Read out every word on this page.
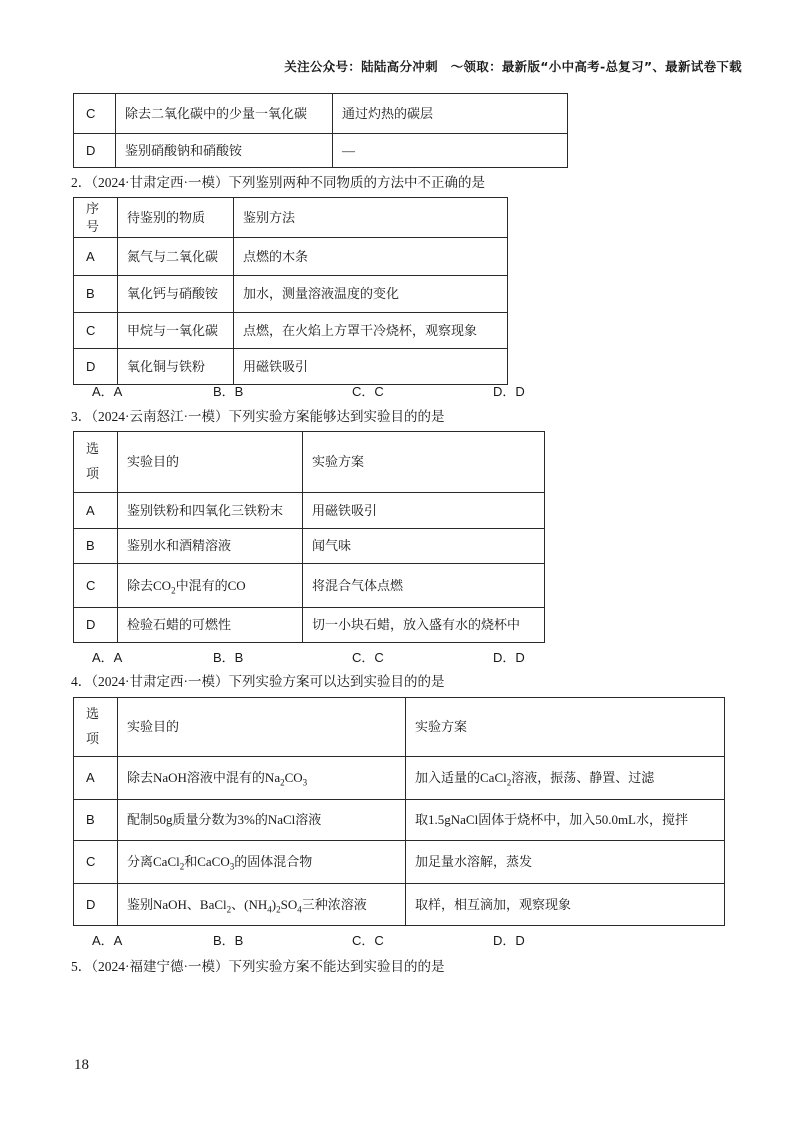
关注公众号：陆陆高分冲刺　～领取：最新版“小中高考-总复习”、最新试卷下载
C	除去二氧化碳中的少量一氧化碳	通过灼热的碳层
D	鉴别硝酸钠和硝酸铵	—
2．（2024·甘肃定西·一模）下列鉴别两种不同物质的方法中不正确的是
序号	待鉴别的物质	鉴别方法
A	氮气与二氧化碳	点燃的木条
B	氧化钙与硝酸铵	加水，测量溶液温度的变化
C	甲烷与一氧化碳	点燃，在火焰上方罩干冷烧杯，观察现象
D	氧化铜与铁粉	用磁铁吸引
A．A	B．B	C．C	D．D
3．（2024·云南怒江·一模）下列实验方案能够达到实验目的的是
选项	实验目的	实验方案
A	鉴别铁粉和四氧化三铁粉末	用磁铁吸引
B	鉴别水和酒精溶液	闻气味
C	除去$CO_2$中混有的CO	将混合气体点燃
D	检验石蜡的可燃性	切一小块石蜡，放入盛有水的烧杯中
A．A	B．B	C．C	D．D
4．（2024·甘肃定西·一模）下列实验方案可以达到实验目的的是
选项	实验目的	实验方案
A	除去NaOH溶液中混有的$Na_2CO_3$	加入适量的CaCl$_2$溶液，振荡、静置、过滤
B	配制50g质量分数为3%的NaCl溶液	取1.5gNaCl固体于烧杯中，加入50.0mL水，搅拌
C	分离CaCl$_2$和CaCO$_3$的固体混合物	加足量水溶解，蒸发
D	鉴别NaOH、BaCl$_2$、$(NH_4)_2SO_4$三种浓溶液	取样，相互滴加，观察现象
A．A	B．B	C．C	D．D
5．（2024·福建宁德·一模）下列实验方案不能达到实验目的的是
18
